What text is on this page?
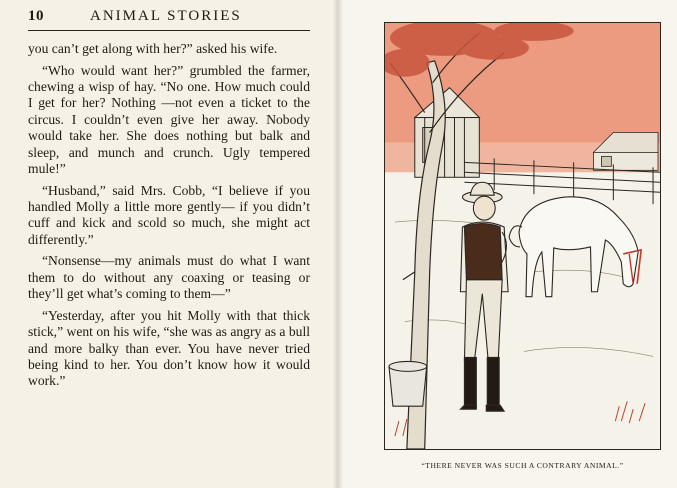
10	ANIMAL STORIES

you can’t get along with her?” asked his wife.

“Who would want her?” grumbled the farmer, chewing a wisp of hay. “No one. How much could I get for her? Nothing —not even a ticket to the circus. I couldn’t even give her away. Nobody would take her. She does nothing but balk and sleep, and munch and crunch. Ugly tempered mule!”

“Husband,” said Mrs. Cobb, “I believe if you handled Molly a little more gently— if you didn’t cuff and kick and scold so much, she might act differently.”

“Nonsense—my animals must do what I want them to do without any coaxing or teasing or they’ll get what’s coming to them—”

“Yesterday, after you hit Molly with that thick stick,” went on his wife, “she was as angry as a bull and more balky than ever. You have never tried being kind to her. You don’t know how it would work.”

“THERE NEVER WAS SUCH A CONTRARY ANIMAL.”
